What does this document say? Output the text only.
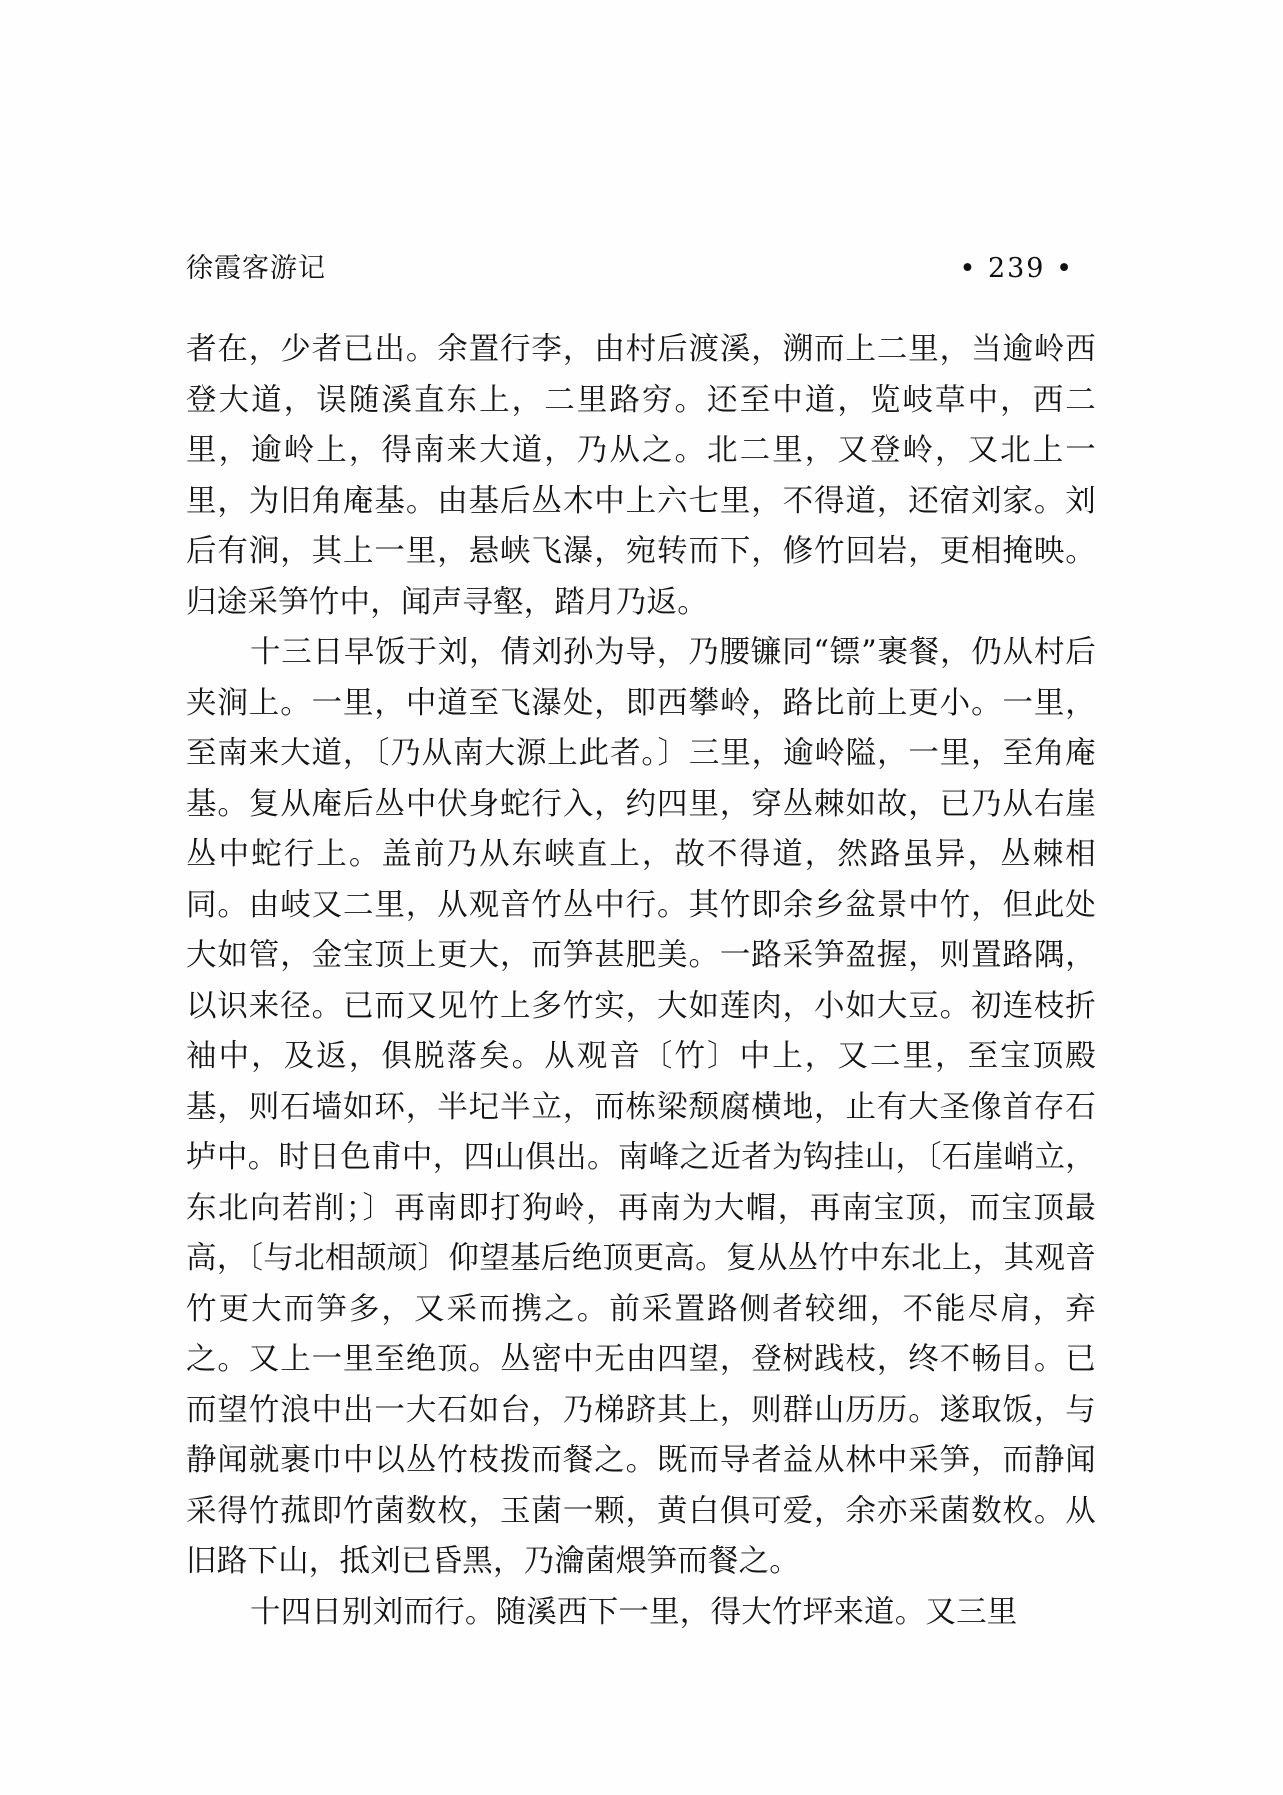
徐霞客游记	• 239 •

者在，少者已出。余置行李，由村后渡溪，溯而上二里，当逾岭西登大道，误随溪直东上，二里路穷。还至中道，览岐草中，西二里，逾岭上，得南来大道，乃从之。北二里，又登岭，又北上一里，为旧角庵基。由基后丛木中上六七里，不得道，还宿刘家。刘后有涧，其上一里，悬峡飞瀑，宛转而下，修竹回岩，更相掩映。归途采笋竹中，闻声寻壑，踏月乃返。

十三日早饭于刘，倩刘孙为导，乃腰镰同“镖”裹餐，仍从村后夹涧上。一里，中道至飞瀑处，即西攀岭，路比前上更小。一里，至南来大道，〔乃从南大源上此者。〕三里，逾岭隘，一里，至角庵基。复从庵后丛中伏身蛇行入，约四里，穿丛棘如故，已乃从右崖丛中蛇行上。盖前乃从东峡直上，故不得道，然路虽异，丛棘相同。由岐又二里，从观音竹丛中行。其竹即余乡盆景中竹，但此处大如管，金宝顶上更大，而笋甚肥美。一路采笋盈握，则置路隅，以识来径。已而又见竹上多竹实，大如莲肉，小如大豆。初连枝折袖中，及返，俱脱落矣。从观音〔竹〕中上，又二里，至宝顶殿基，则石墙如环，半圮半立，而栋梁颓腐横地，止有大圣像首存石垆中。时日色甫中，四山俱出。南峰之近者为钩挂山，〔石崖峭立，东北向若削；〕再南即打狗岭，再南为大帽，再南宝顶，而宝顶最高，〔与北相颉颃〕仰望基后绝顶更高。复从丛竹中东北上，其观音竹更大而笋多，又采而携之。前采置路侧者较细，不能尽肩，弃之。又上一里至绝顶。丛密中无由四望，登树践枝，终不畅目。已而望竹浪中出一大石如台，乃梯跻其上，则群山历历。遂取饭，与静闻就裹巾中以丛竹枝拨而餐之。既而导者益从林中采笋，而静闻采得竹菰即竹菌数枚，玉菌一颗，黄白俱可爱，余亦采菌数枚。从旧路下山，抵刘已昏黑，乃瀹菌煨笋而餐之。

十四日别刘而行。随溪西下一里，得大竹坪来道。又三里
